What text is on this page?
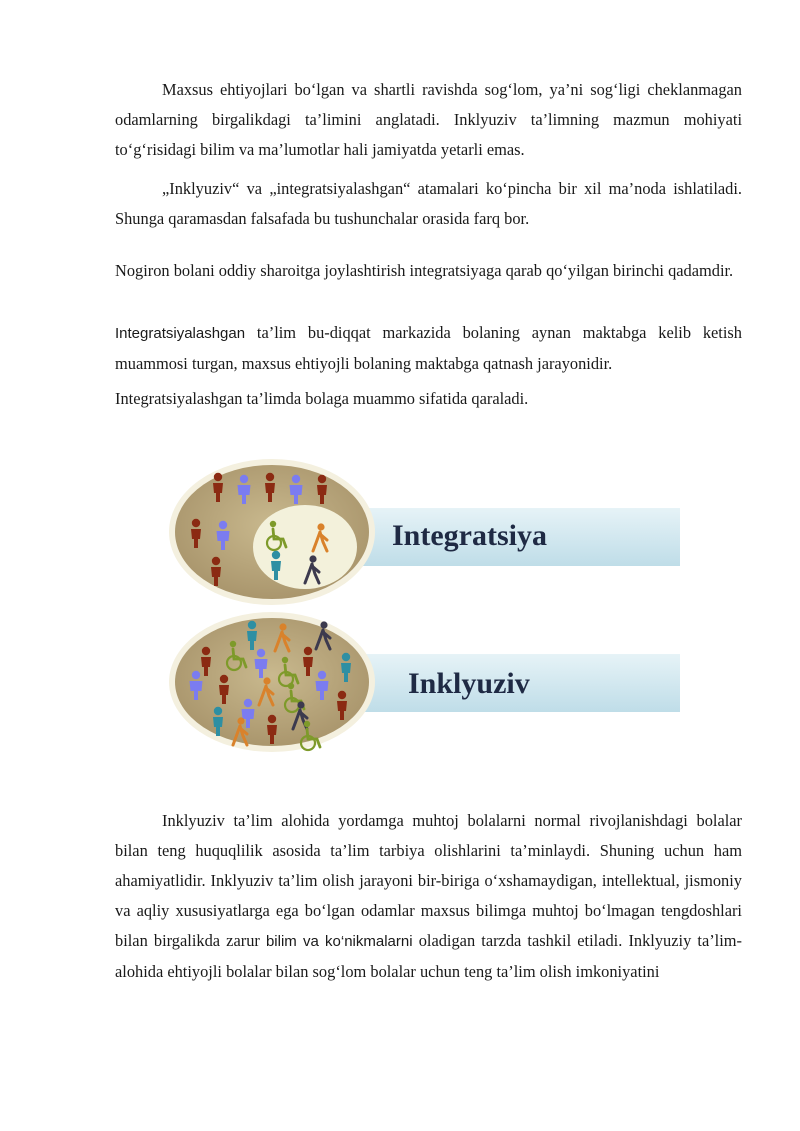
Maxsus ehtiyojlari bo‘lgan va shartli ravishda sog‘lom, ya’ni sog‘ligi cheklanmagan odamlarning birgalikdagi ta’limini anglatadi. Inklyuziv ta’limning mazmun mohiyati to‘g‘risidagi bilim va ma’lumotlar hali jamiyatda yetarli emas.

„Inklyuziv“ va „integratsiyalashgan“ atamalari ko‘pincha bir xil ma’noda ishlatiladi. Shunga qaramasdan falsafada bu tushunchalar orasida farq bor.

Nogiron bolani oddiy sharoitga joylashtirish integratsiyaga qarab qo‘yilgan birinchi qadamdir.

Integratsiyalashgan ta’lim bu-diqqat markazida bolaning aynan maktabga kelib ketish muammosi turgan, maxsus ehtiyojli bolaning maktabga qatnash jarayonidir.

Integratsiyalashgan ta’limda bolaga muammo sifatida qaraladi.

Integratsiya
Inklyuziv

Inklyuziv ta’lim alohida yordamga muhtoj bolalarni normal rivojlanishdagi bolalar bilan teng huquqlilik asosida ta’lim tarbiya olishlarini ta’minlaydi. Shuning uchun ham ahamiyatlidir. Inklyuziv ta’lim olish jarayoni bir-biriga o‘xshamaydigan, intellektual, jismoniy va aqliy xususiyatlarga ega bo‘lgan odamlar maxsus bilimga muhtoj bo‘lmagan tengdoshlari bilan birgalikda zarur bilim va ko‘nikmalarni oladigan tarzda tashkil etiladi. Inklyuziy ta’lim-alohida ehtiyojli bolalar bilan sog‘lom bolalar uchun teng ta’lim olish imkoniyatini
